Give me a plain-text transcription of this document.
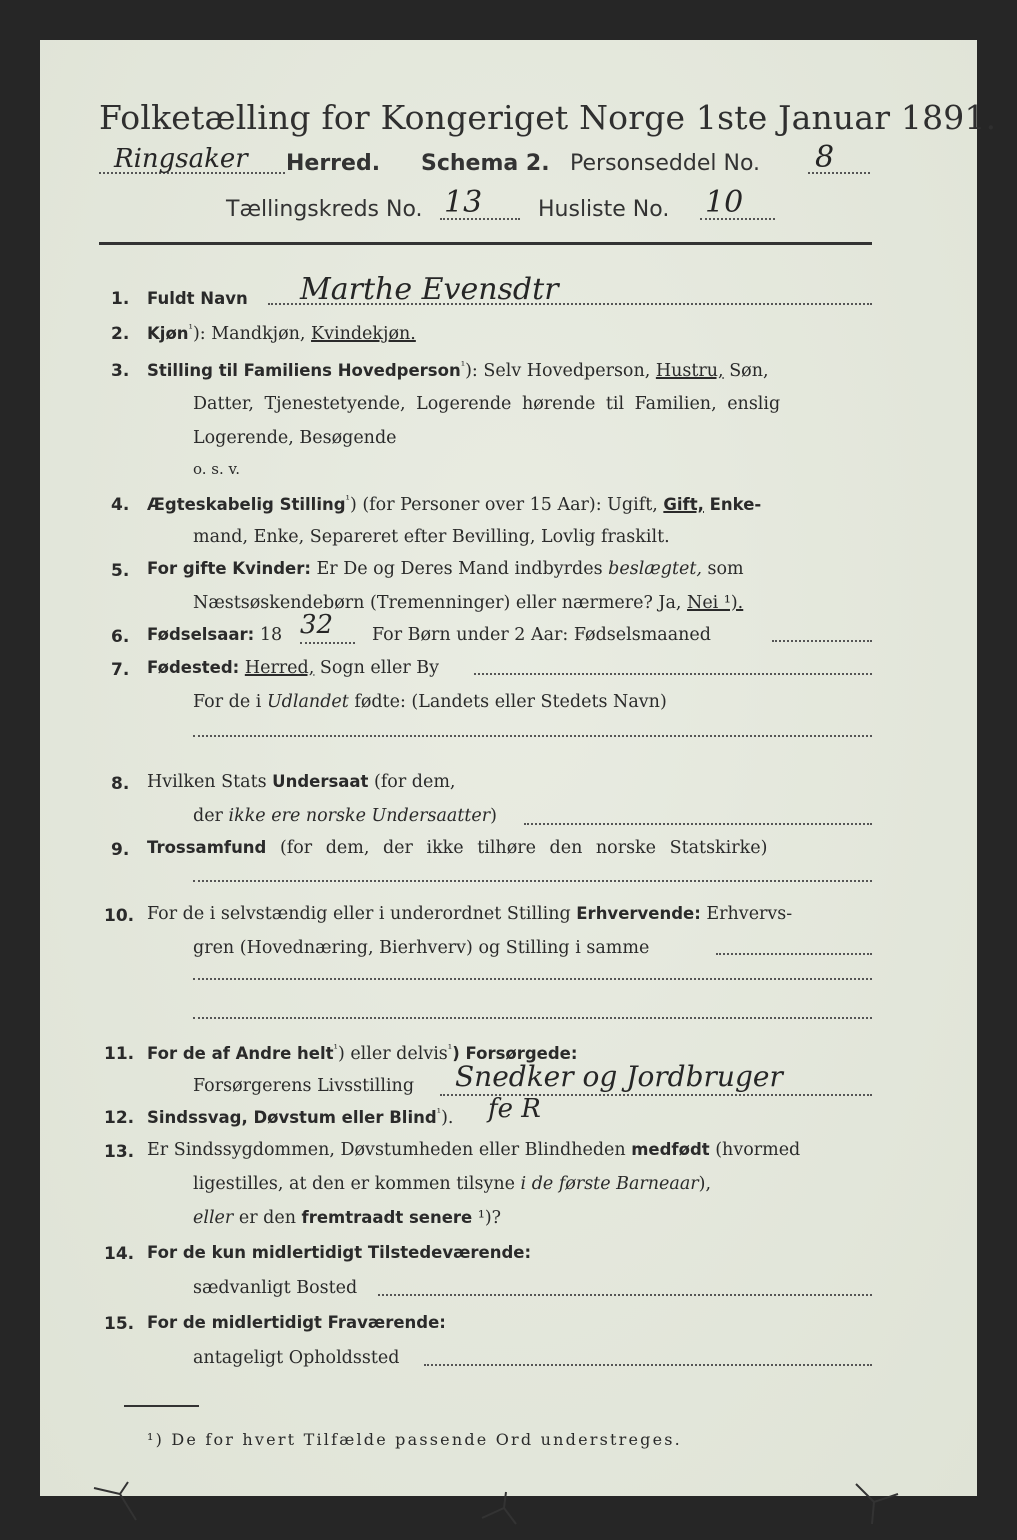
Folketælling for Kongeriget Norge 1ste Januar 1891.
Ringsaker Herred. Schema 2. Personseddel No. 8
Tællingskreds No. 13	Husliste No. 10
1. Fuldt Navn Marthe Evensdtr
2. Kjøn$^{^1}$): Mandkjøn, Kvindekjøn.
3. Stilling til Familiens Hovedperson$^{^1}$): Selv Hovedperson, Hustru, Søn,
Datter, Tjenestetyende, Logerende hørende til Familien, enslig
Logerende, Besøgende
o. s. v.
4. Ægteskabelig Stilling$^{^1}$) (for Personer over 15 Aar): Ugift, Gift, Enke-
mand, Enke, Separeret efter Bevilling, Lovlig fraskilt.
5. For gifte Kvinder: Er De og Deres Mand indbyrdes beslægtet, som
Næstsøskendebørn (Tremenninger) eller nærmere? Ja, Nei ¹).
6. Fødselsaar: 18 32 For Børn under 2 Aar: Fødselsmaaned
7. Fødested: Herred, Sogn eller By
For de i Udlandet fødte: (Landets eller Stedets Navn)
8. Hvilken Stats Undersaat (for dem,
der ikke ere norske Undersaatter)
9. Trossamfund (for dem, der ikke tilhøre den norske Statskirke)
10. For de i selvstændig eller i underordnet Stilling Erhvervende: Erhvervs-
gren (Hovednæring, Bierhverv) og Stilling i samme
11. For de af Andre helt$^{^1}$) eller delvis$^{^1}$) Forsørgede:
Forsørgerens Livsstilling Snedker og Jordbruger
12. Sindssvag, Døvstum eller Blind$^{^1}$). fe R
13. Er Sindssygdommen, Døvstumheden eller Blindheden medfødt (hvormed
ligestilles, at den er kommen tilsyne i de første Barneaar),
eller er den fremtraadt senere ¹)?
14. For de kun midlertidigt Tilstedeværende:
sædvanligt Bosted
15. For de midlertidigt Fraværende:
antageligt Opholdssted
¹) De for hvert Tilfælde passende Ord understreges.
